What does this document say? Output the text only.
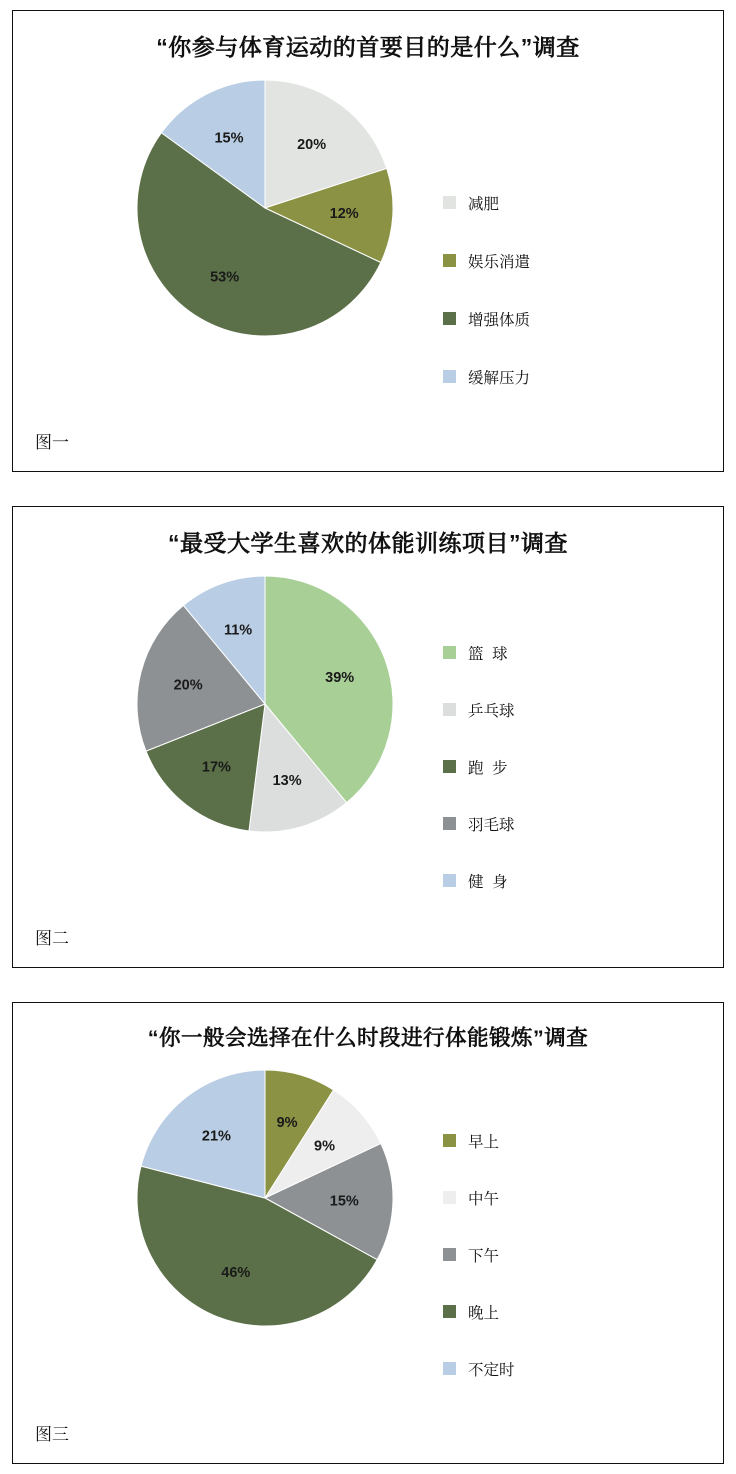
“你参与体育运动的首要目的是什么”调查
20%
12%
53%
15%
减肥
娱乐消遣
增强体质
缓解压力
图一
“最受大学生喜欢的体能训练项目”调查
39%
13%
17%
20%
11%
篮  球
乒乓球
跑  步
羽毛球
健  身
图二
“你一般会选择在什么时段进行体能锻炼”调查
9%
9%
15%
46%
21%	早上
中午
下午
晚上
不定时
图三
